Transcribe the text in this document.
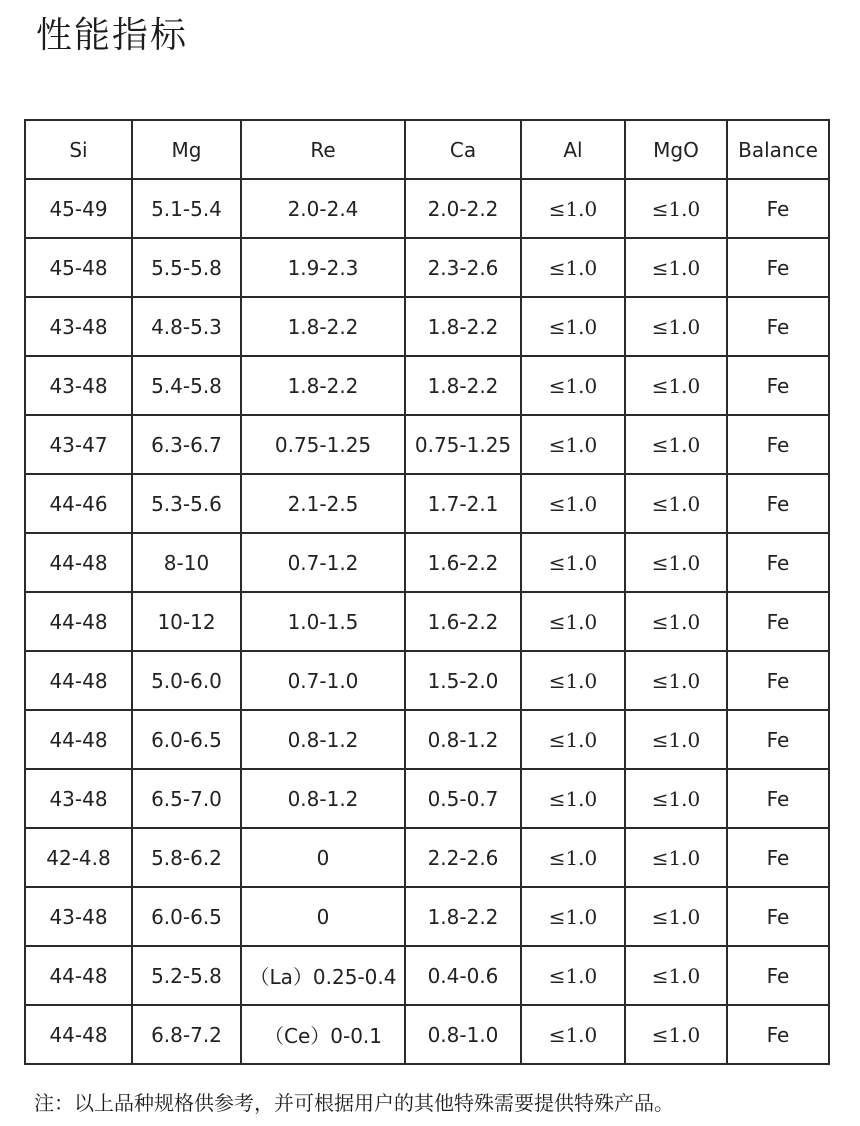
性能指标
Si	Mg	Re	Ca	Al	MgO	Balance
45-49	5.1-5.4	2.0-2.4	2.0-2.2	≤1.0	≤1.0	Fe
45-48	5.5-5.8	1.9-2.3	2.3-2.6	≤1.0	≤1.0	Fe
43-48	4.8-5.3	1.8-2.2	1.8-2.2	≤1.0	≤1.0	Fe
43-48	5.4-5.8	1.8-2.2	1.8-2.2	≤1.0	≤1.0	Fe
43-47	6.3-6.7	0.75-1.25	0.75-1.25	≤1.0	≤1.0	Fe
44-46	5.3-5.6	2.1-2.5	1.7-2.1	≤1.0	≤1.0	Fe
44-48	8-10	0.7-1.2	1.6-2.2	≤1.0	≤1.0	Fe
44-48	10-12	1.0-1.5	1.6-2.2	≤1.0	≤1.0	Fe
44-48	5.0-6.0	0.7-1.0	1.5-2.0	≤1.0	≤1.0	Fe
44-48	6.0-6.5	0.8-1.2	0.8-1.2	≤1.0	≤1.0	Fe
43-48	6.5-7.0	0.8-1.2	0.5-0.7	≤1.0	≤1.0	Fe
42-4.8	5.8-6.2	0	2.2-2.6	≤1.0	≤1.0	Fe
43-48	6.0-6.5	0	1.8-2.2	≤1.0	≤1.0	Fe
44-48	5.2-5.8	（La）0.25-0.4	0.4-0.6	≤1.0	≤1.0	Fe
44-48	6.8-7.2	（Ce）0-0.1	0.8-1.0	≤1.0	≤1.0	Fe

注：以上品种规格供参考，并可根据用户的其他特殊需要提供特殊产品。
